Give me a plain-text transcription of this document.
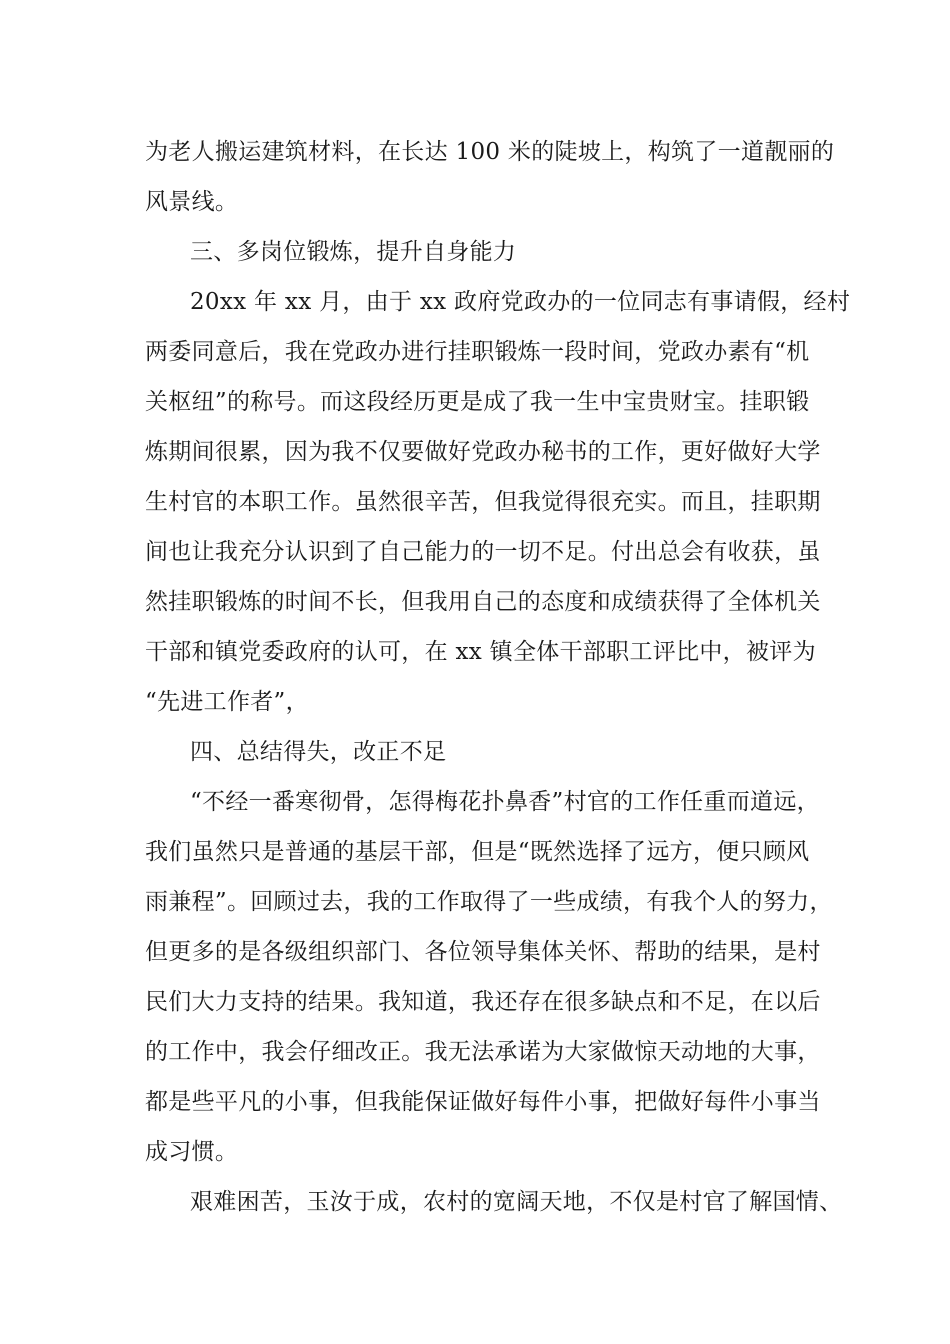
为老人搬运建筑材料，在长达 100 米的陡坡上，构筑了一道靓丽的
风景线。
三、多岗位锻炼，提升自身能力
20xx 年 xx 月，由于 xx 政府党政办的一位同志有事请假，经村
两委同意后，我在党政办进行挂职锻炼一段时间，党政办素有“机
关枢纽”的称号。而这段经历更是成了我一生中宝贵财宝。挂职锻
炼期间很累，因为我不仅要做好党政办秘书的工作，更好做好大学
生村官的本职工作。虽然很辛苦，但我觉得很充实。而且，挂职期
间也让我充分认识到了自己能力的一切不足。付出总会有收获，虽
然挂职锻炼的时间不长，但我用自己的态度和成绩获得了全体机关
干部和镇党委政府的认可，在 xx 镇全体干部职工评比中，被评为
“先进工作者”，
四、总结得失，改正不足
“不经一番寒彻骨，怎得梅花扑鼻香”村官的工作任重而道远，
我们虽然只是普通的基层干部，但是“既然选择了远方，便只顾风
雨兼程”。回顾过去，我的工作取得了一些成绩，有我个人的努力，
但更多的是各级组织部门、各位领导集体关怀、帮助的结果，是村
民们大力支持的结果。我知道，我还存在很多缺点和不足，在以后
的工作中，我会仔细改正。我无法承诺为大家做惊天动地的大事，
都是些平凡的小事，但我能保证做好每件小事，把做好每件小事当
成习惯。
艰难困苦，玉汝于成，农村的宽阔天地，不仅是村官了解国情、
